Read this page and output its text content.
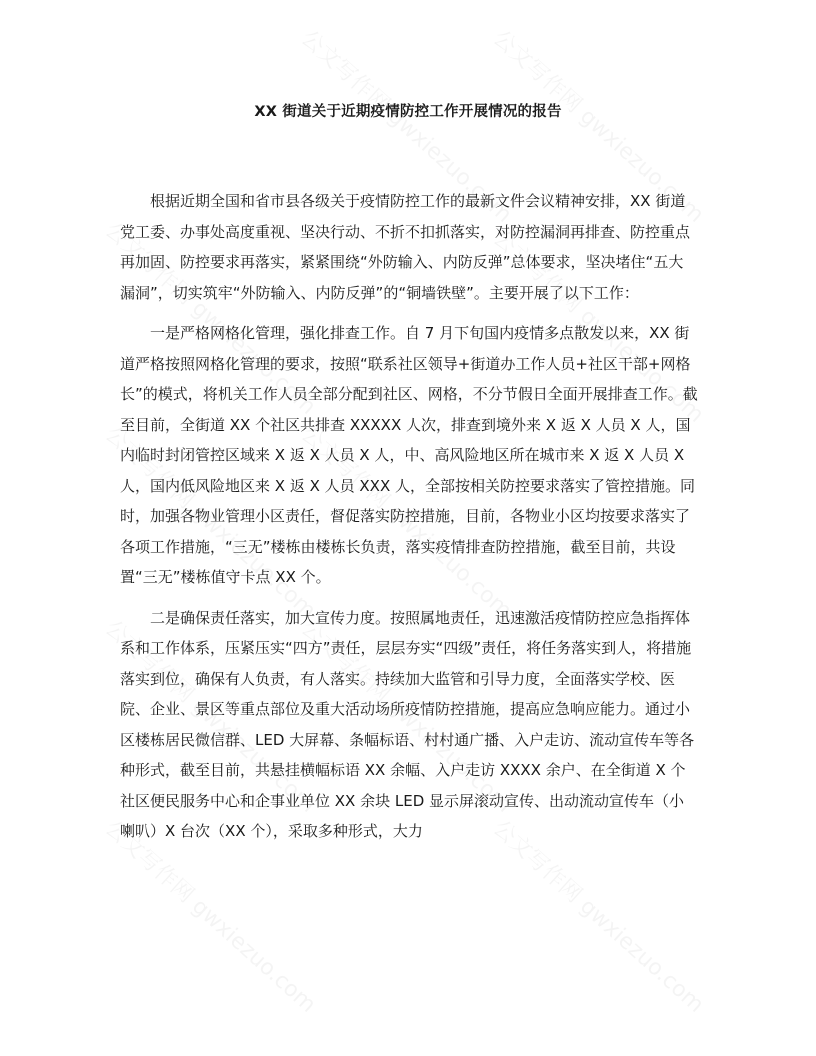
XX 街道关于近期疫情防控工作开展情况的报告

根据近期全国和省市县各级关于疫情防控工作的最新文件会议精神安排，XX 街道党工委、办事处高度重视、坚决行动、不折不扣抓落实，对防控漏洞再排查、防控重点再加固、防控要求再落实，紧紧围绕“外防输入、内防反弹”总体要求，坚决堵住“五大漏洞”，切实筑牢“外防输入、内防反弹”的“铜墙铁壁”。主要开展了以下工作：

一是严格网格化管理，强化排查工作。自 7 月下旬国内疫情多点散发以来，XX 街道严格按照网格化管理的要求，按照“联系社区领导+街道办工作人员+社区干部+网格长”的模式，将机关工作人员全部分配到社区、网格，不分节假日全面开展排查工作。截至目前，全街道 XX 个社区共排查 XXXXX 人次，排查到境外来 X 返 X 人员 X 人，国内临时封闭管控区域来 X 返 X 人员 X 人，中、高风险地区所在城市来 X 返 X 人员 X 人，国内低风险地区来 X 返 X 人员 XXX 人，全部按相关防控要求落实了管控措施。同时，加强各物业管理小区责任，督促落实防控措施，目前，各物业小区均按要求落实了各项工作措施，“三无”楼栋由楼栋长负责，落实疫情排查防控措施，截至目前，共设置“三无”楼栋值守卡点 XX 个。

二是确保责任落实，加大宣传力度。按照属地责任，迅速激活疫情防控应急指挥体系和工作体系，压紧压实“四方”责任，层层夯实“四级”责任，将任务落实到人，将措施落实到位，确保有人负责，有人落实。持续加大监管和引导力度，全面落实学校、医院、企业、景区等重点部位及重大活动场所疫情防控措施，提高应急响应能力。通过小区楼栋居民微信群、LED 大屏幕、条幅标语、村村通广播、入户走访、流动宣传车等各种形式，截至目前，共悬挂横幅标语 XX 余幅、入户走访 XXXX 余户、在全街道 X 个社区便民服务中心和企事业单位 XX 余块 LED 显示屏滚动宣传、出动流动宣传车（小喇叭）X 台次（XX 个），采取多种形式，大力
